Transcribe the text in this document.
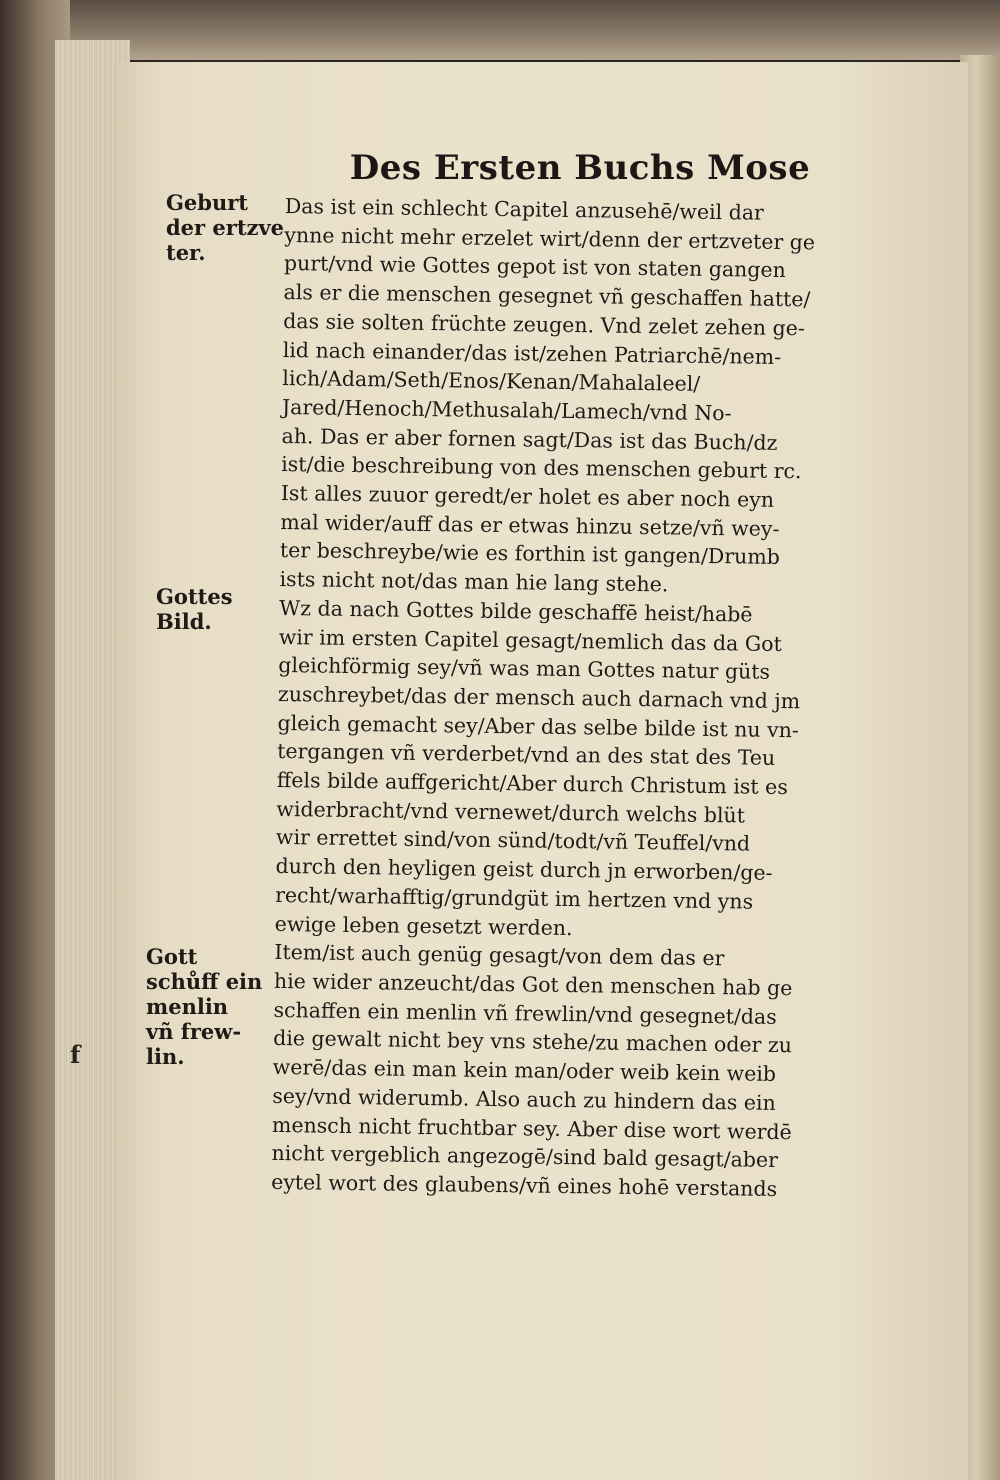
Des Ersten Buchs Mose
Geburt
der ertzve
ter.
Gottes
Bild.
Gott
schůff ein
menlin
vñ frew-
lin.
f
Das ist ein schlecht Capitel anzusehē/weil dar
ynne nicht mehr erzelet wirt/denn der ertzveter ge
purt/vnd wie Gottes gepot ist von staten gangen
als er die menschen gesegnet vñ geschaffen hatte/
das sie solten früchte zeugen. Vnd zelet zehen ge-
lid nach einander/das ist/zehen Patriarchē/nem-
lich/Adam/Seth/Enos/Kenan/Mahalaleel/
Jared/Henoch/Methusalah/Lamech/vnd No-
ah. Das er aber fornen sagt/Das ist das Buch/dz
ist/die beschreibung von des menschen geburt rc.
Ist alles zuuor geredt/er holet es aber noch eyn
mal wider/auff das er etwas hinzu setze/vñ wey-
ter beschreybe/wie es forthin ist gangen/Drumb
ists nicht not/das man hie lang stehe.
Wz da nach Gottes bilde geschaffē heist/habē
wir im ersten Capitel gesagt/nemlich das da Got
gleichförmig sey/vñ was man Gottes natur güts
zuschreybet/das der mensch auch darnach vnd jm
gleich gemacht sey/Aber das selbe bilde ist nu vn-
tergangen vñ verderbet/vnd an des stat des Teu
ffels bilde auffgericht/Aber durch Christum ist es
widerbracht/vnd vernewet/durch welchs blüt
wir errettet sind/von sünd/todt/vñ Teuffel/vnd
durch den heyligen geist durch jn erworben/ge-
recht/warhafftig/grundgüt im hertzen vnd yns
ewige leben gesetzt werden.
Item/ist auch genüg gesagt/von dem das er
hie wider anzeucht/das Got den menschen hab ge
schaffen ein menlin vñ frewlin/vnd gesegnet/das
die gewalt nicht bey vns stehe/zu machen oder zu
werē/das ein man kein man/oder weib kein weib
sey/vnd widerumb. Also auch zu hindern das ein
mensch nicht fruchtbar sey. Aber dise wort werdē
nicht vergeblich angezogē/sind bald gesagt/aber
eytel wort des glaubens/vñ eines hohē verstands
